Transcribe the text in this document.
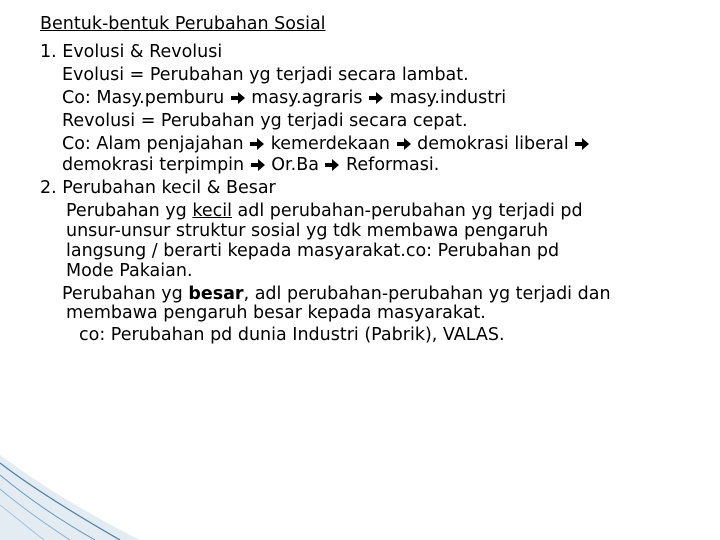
Bentuk-bentuk Perubahan Sosial
1. Evolusi & Revolusi
Evolusi = Perubahan yg terjadi secara lambat.
Co: Masy.pemburu  masy.agraris  masy.industri
Revolusi = Perubahan yg terjadi secara cepat.
Co: Alam penjajahan  kemerdekaan  demokrasi liberal
demokrasi terpimpin  Or.Ba  Reformasi.
2. Perubahan kecil & Besar
Perubahan yg kecil adl perubahan-perubahan yg terjadi pd
unsur-unsur struktur sosial yg tdk membawa pengaruh
langsung / berarti kepada masyarakat.co: Perubahan pd
Mode Pakaian.
Perubahan yg besar, adl perubahan-perubahan yg terjadi dan
membawa pengaruh besar kepada masyarakat.
co: Perubahan pd dunia Industri (Pabrik), VALAS.
